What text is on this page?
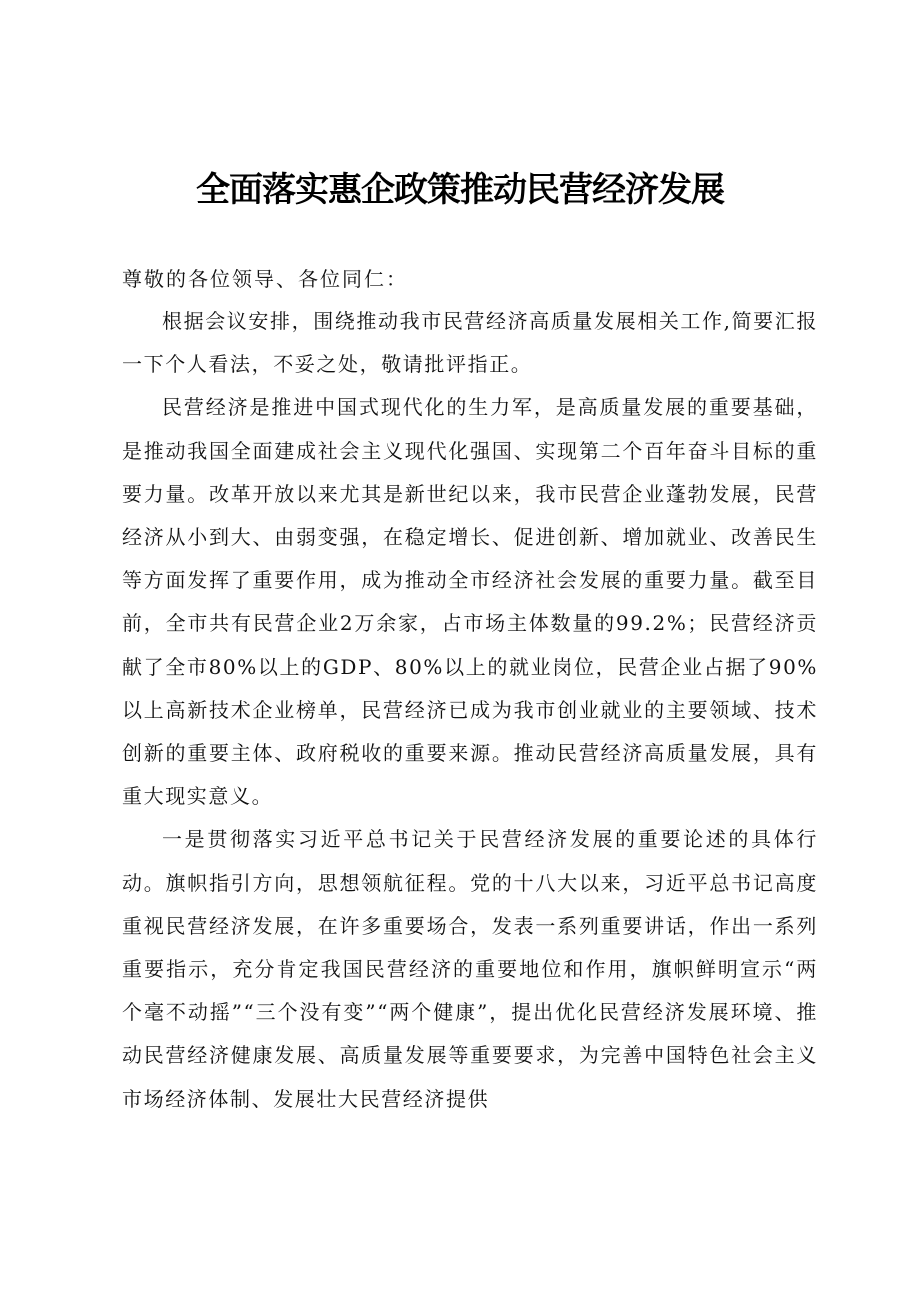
全面落实惠企政策推动民营经济发展

尊敬的各位领导、各位同仁：

根据会议安排，围绕推动我市民营经济高质量发展相关工作,简要汇报一下个人看法，不妥之处，敬请批评指正。

民营经济是推进中国式现代化的生力军，是高质量发展的重要基础，是推动我国全面建成社会主义现代化强国、实现第二个百年奋斗目标的重要力量。改革开放以来尤其是新世纪以来，我市民营企业蓬勃发展，民营经济从小到大、由弱变强，在稳定增长、促进创新、增加就业、改善民生等方面发挥了重要作用，成为推动全市经济社会发展的重要力量。截至目前，全市共有民营企业2万余家，占市场主体数量的99.2%；民营经济贡献了全市80%以上的GDP、80%以上的就业岗位，民营企业占据了90%以上高新技术企业榜单，民营经济已成为我市创业就业的主要领域、技术创新的重要主体、政府税收的重要来源。推动民营经济高质量发展，具有重大现实意义。

一是贯彻落实习近平总书记关于民营经济发展的重要论述的具体行动。旗帜指引方向，思想领航征程。党的十八大以来，习近平总书记高度重视民营经济发展，在许多重要场合，发表一系列重要讲话，作出一系列重要指示，充分肯定我国民营经济的重要地位和作用，旗帜鲜明宣示“两个毫不动摇”“三个没有变”“两个健康”，提出优化民营经济发展环境、推动民营经济健康发展、高质量发展等重要要求，为完善中国特色社会主义市场经济体制、发展壮大民营经济提供
